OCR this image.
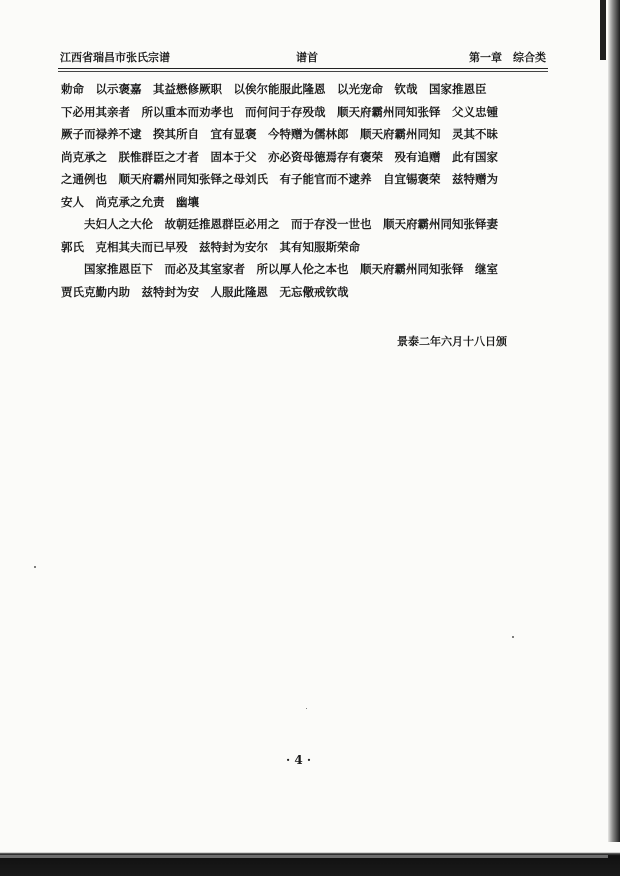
江西省瑞昌市张氏宗谱	谱首	第一章　综合类
勅命　以示褒嘉　其益懋修厥职　以俟尔能服此隆恩　以光宠命　钦哉　国家推恩臣
下必用其亲者　所以重本而劝孝也　而何问于存殁哉　顺天府霸州同知张铎　父义忠锺
厥子而禄养不逮　揆其所自　宜有显褒　今特赠为儒林郎　顺天府霸州同知　灵其不昧
尚克承之　朕惟群臣之才者　固本于父　亦必资母德焉存有褒荣　殁有追赠　此有国家
之通例也　顺天府霸州同知张铎之母刘氏　有子能官而不逮养　自宜锡褒荣　兹特赠为
安人　尚克承之允责　幽壤
夫妇人之大伦　故朝廷推恩群臣必用之　而于存没一世也　顺天府霸州同知张铎妻
郭氏　克相其夫而已早殁　兹特封为安尔　其有知服斯荣命
国家推恩臣下　而必及其室家者　所以厚人伦之本也　顺天府霸州同知张铎　继室
贾氏克勤内助　兹特封为安　人服此隆恩　无忘儆戒钦哉
景泰二年六月十八日颁
· 4 ·
